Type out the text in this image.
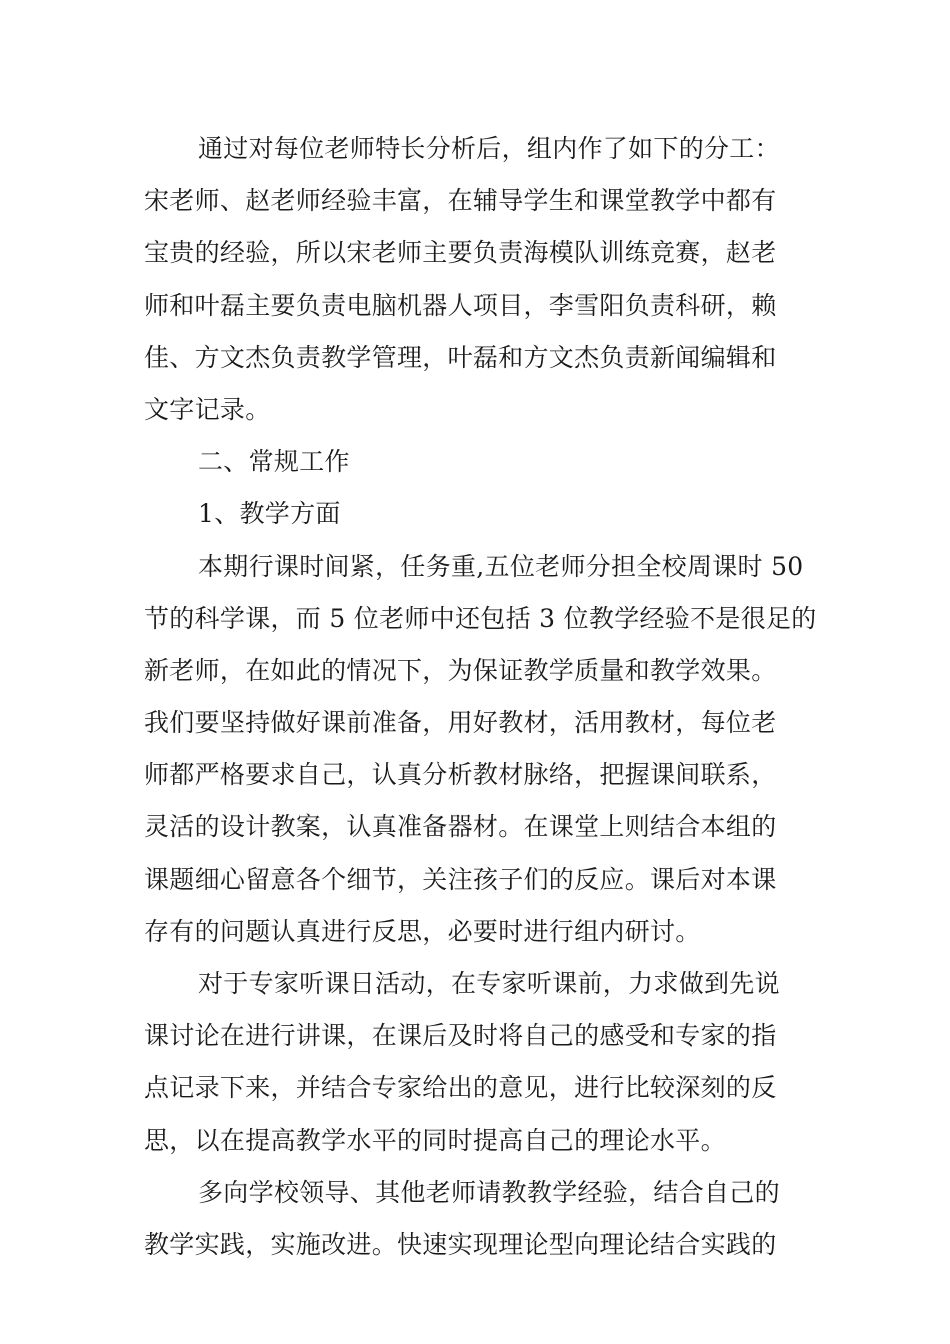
通过对每位老师特长分析后，组内作了如下的分工：
宋老师、赵老师经验丰富，在辅导学生和课堂教学中都有
宝贵的经验，所以宋老师主要负责海模队训练竞赛，赵老
师和叶磊主要负责电脑机器人项目，李雪阳负责科研，赖
佳、方文杰负责教学管理，叶磊和方文杰负责新闻编辑和
文字记录。
二、常规工作
1、教学方面
本期行课时间紧，任务重,五位老师分担全校周课时 50
节的科学课，而 5 位老师中还包括 3 位教学经验不是很足的
新老师，在如此的情况下，为保证教学质量和教学效果。
我们要坚持做好课前准备，用好教材，活用教材，每位老
师都严格要求自己，认真分析教材脉络，把握课间联系，
灵活的设计教案，认真准备器材。在课堂上则结合本组的
课题细心留意各个细节，关注孩子们的反应。课后对本课
存有的问题认真进行反思，必要时进行组内研讨。
对于专家听课日活动，在专家听课前，力求做到先说
课讨论在进行讲课，在课后及时将自己的感受和专家的指
点记录下来，并结合专家给出的意见，进行比较深刻的反
思，以在提高教学水平的同时提高自己的理论水平。
多向学校领导、其他老师请教教学经验，结合自己的
教学实践，实施改进。快速实现理论型向理论结合实践的
